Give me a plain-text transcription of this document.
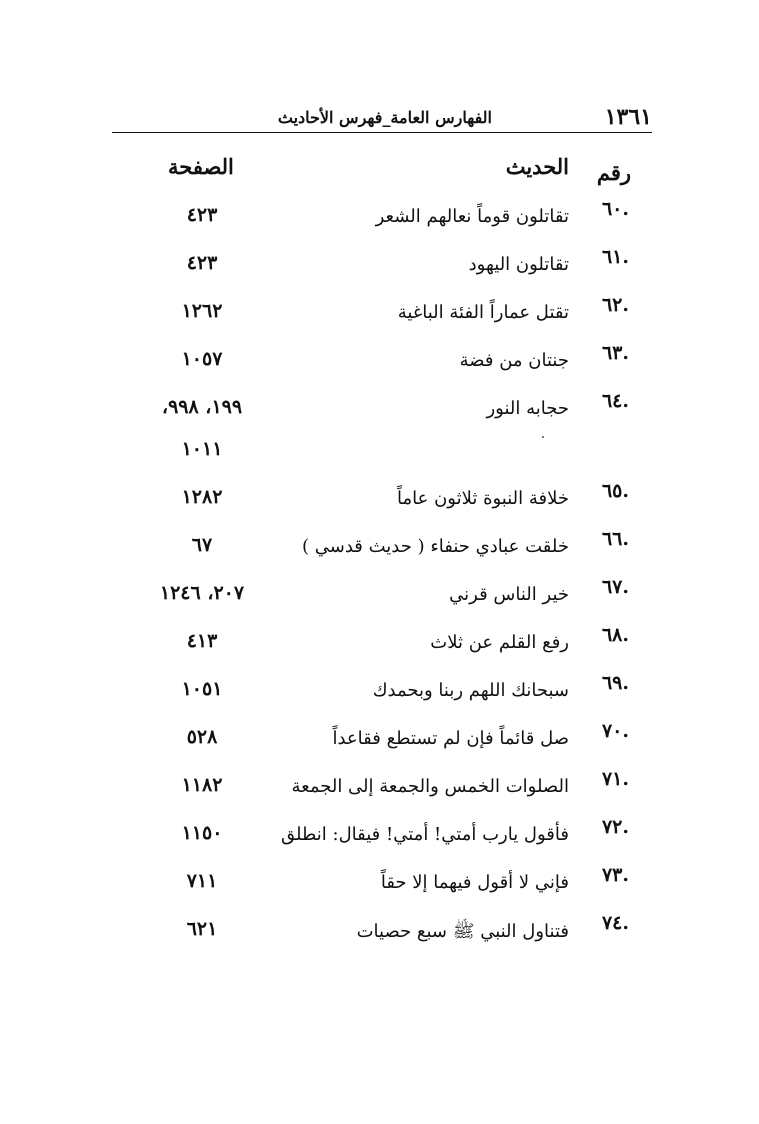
١٣٦١
الفهارس العامة_فهرس الأحاديث
رقم
الحديث
الصفحة
.٦٠
تقاتلون قوماً نعالهم الشعر
٤٢٣
.٦١
تقاتلون اليهود
٤٢٣
.٦٢
تقتل عماراً الفئة الباغية
١٢٦٢
.٦٣
جنتان من فضة
١٠٥٧
.٦٤
حجابه النور
١٩٩، ٩٩٨،
١٠١١
.٦٥
خلافة النبوة ثلاثون عاماً
١٢٨٢
.٦٦
خلقت عبادي حنفاء ( حديث قدسي )
٦٧
.٦٧
خير الناس قرني
٢٠٧، ١٢٤٦
.٦٨
رفع القلم عن ثلاث
٤١٣
.٦٩
سبحانك اللهم ربنا وبحمدك
١٠٥١
.٧٠
صل قائماً فإن لم تستطع فقاعداً
٥٢٨
.٧١
الصلوات الخمس والجمعة إلى الجمعة
١١٨٢
.٧٢
فأقول يارب أمتي! أمتي! فيقال: انطلق
١١٥٠
.٧٣
فإني لا أقول فيهما إلا حقاً
٧١١
.٧٤
فتناول النبي ﷺ سبع حصيات
٦٢١
